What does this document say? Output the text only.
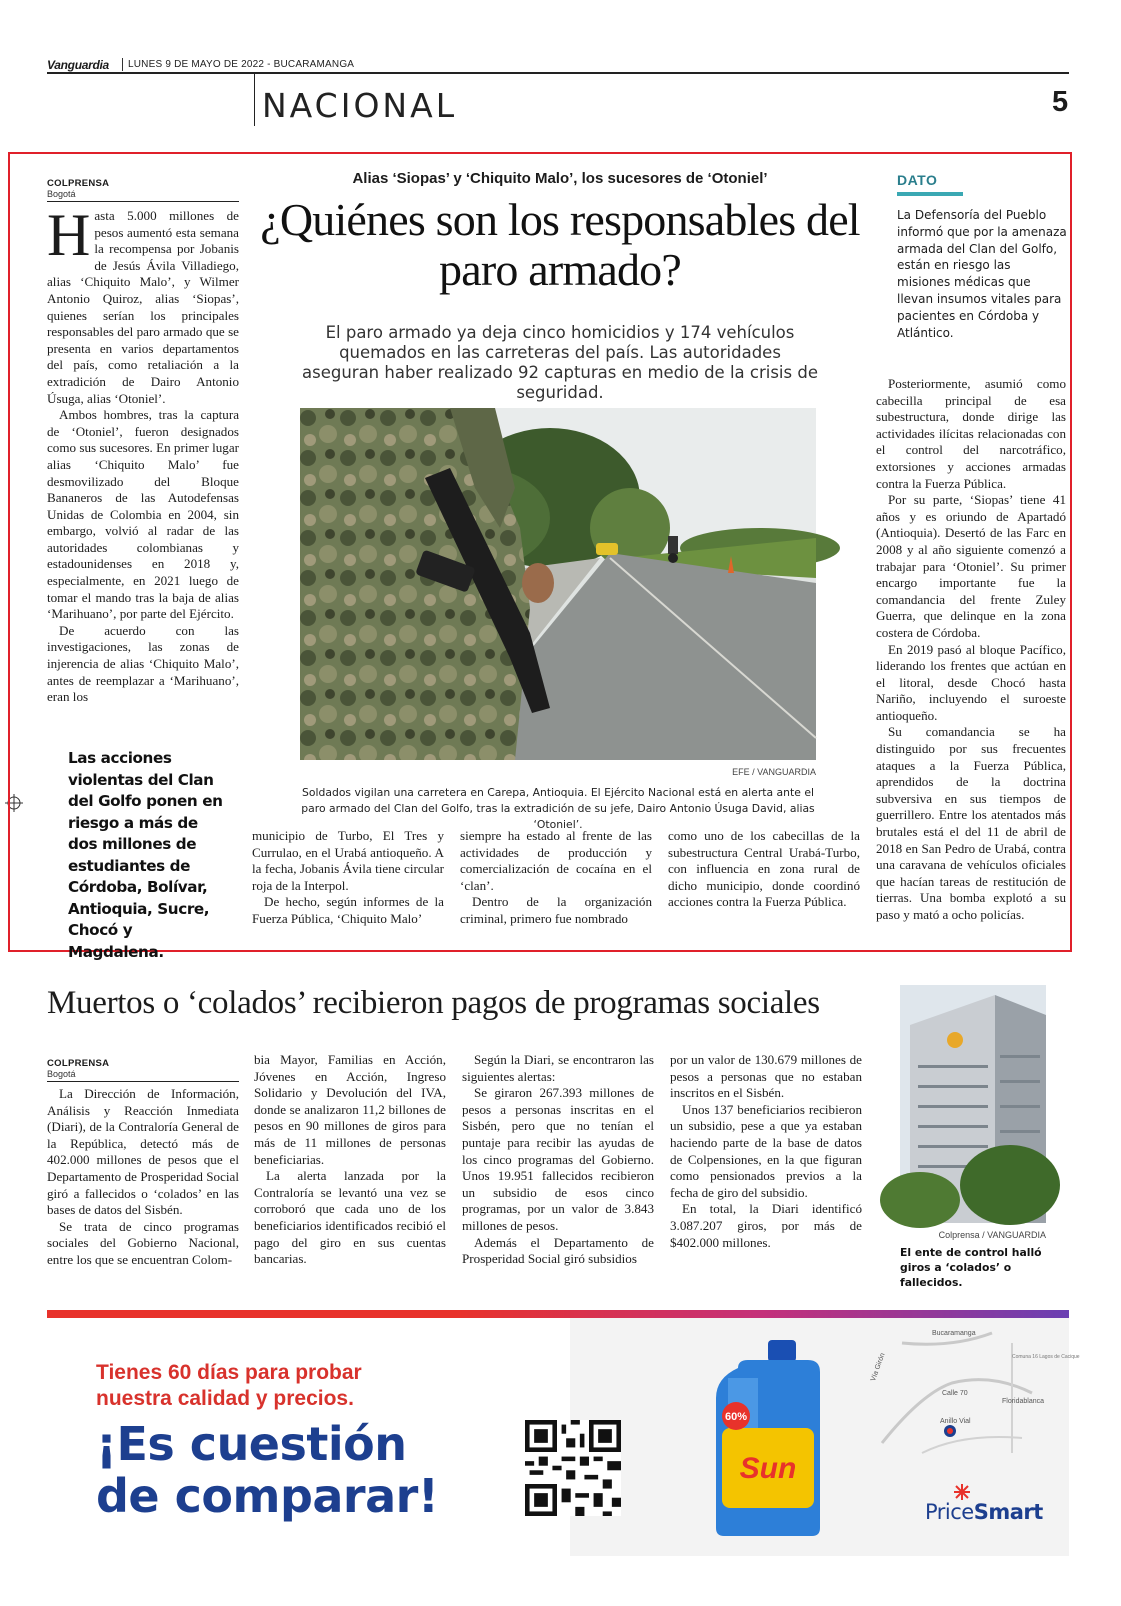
Vanguardia LUNES 9 DE MAYO DE 2022 - BUCARAMANGA
NACIONAL	5
COLPRENSA
Bogotá

Hasta 5.000 millones de pesos aumentó esta semana la recompensa por Jobanis de Jesús Ávila Villadiego, alias ‘Chiquito Malo’, y Wilmer Antonio Quiroz, alias ‘Siopas’, quienes serían los principales responsables del paro armado que se presenta en varios departamentos del país, como retaliación a la extradición de Dairo Antonio Úsuga, alias ‘Otoniel’.

Ambos hombres, tras la captura de ‘Otoniel’, fueron designados como sus sucesores. En primer lugar alias ‘Chiquito Malo’ fue desmovilizado del Bloque Bananeros de las Autodefensas Unidas de Colombia en 2004, sin embargo, volvió al radar de las autoridades colombianas y estadounidenses en 2018 y, especialmente, en 2021 luego de tomar el mando tras la baja de alias ‘Marihuano’, por parte del Ejército.

De acuerdo con las investigaciones, las zonas de injerencia de alias ‘Chiquito Malo’, antes de reemplazar a ‘Marihuano’, eran los

Las acciones violentas del Clan del Golfo ponen en riesgo a más de dos millones de estudiantes de Córdoba, Bolívar, Antioquia, Sucre, Chocó y Magdalena.
Alias ‘Siopas’ y ‘Chiquito Malo’, los sucesores de ‘Otoniel’
¿Quiénes son los responsables del paro armado?
El paro armado ya deja cinco homicidios y 174 vehículos quemados en las carreteras del país. Las autoridades aseguran haber realizado 92 capturas en medio de la crisis de seguridad.
EFE / VANGUARDIA
Soldados vigilan una carretera en Carepa, Antioquia. El Ejército Nacional está en alerta ante el paro armado del Clan del Golfo, tras la extradición de su jefe, Dairo Antonio Úsuga David, alias ‘Otoniel’.
DATO
La Defensoría del Pueblo informó que por la amenaza armada del Clan del Golfo, están en riesgo las misiones médicas que llevan insumos vitales para pacientes en Córdoba y Atlántico.

municipio de Turbo, El Tres y Currulao, en el Urabá antioqueño. A la fecha, Jobanis Ávila tiene circular roja de la Interpol.

De hecho, según informes de la Fuerza Pública, ‘Chiquito Malo’

siempre ha estado al frente de las actividades de producción y comercialización de cocaína en el ‘clan’.

Dentro de la organización criminal, primero fue nombrado

como uno de los cabecillas de la subestructura Central Urabá-Turbo, con influencia en zona rural de dicho municipio, donde coordinó acciones contra la Fuerza Pública.

Posteriormente, asumió como cabecilla principal de esa subestructura, donde dirige las actividades ilícitas relacionadas con el control del narcotráfico, extorsiones y acciones armadas contra la Fuerza Pública.

Por su parte, ‘Siopas’ tiene 41 años y es oriundo de Apartadó (Antioquia). Desertó de las Farc en 2008 y al año siguiente comenzó a trabajar para ‘Otoniel’. Su primer encargo importante fue la comandancia del frente Zuley Guerra, que delinque en la zona costera de Córdoba.

En 2019 pasó al bloque Pacífico, liderando los frentes que actúan en el litoral, desde Chocó hasta Nariño, incluyendo el suroeste antioqueño.

Su comandancia se ha distinguido por sus frecuentes ataques a la Fuerza Pública, aprendidos de la doctrina subversiva en sus tiempos de guerrillero. Entre los atentados más brutales está el del 11 de abril de 2018 en San Pedro de Urabá, contra una caravana de vehículos oficiales que hacían tareas de restitución de tierras. Una bomba explotó a su paso y mató a ocho policías.

Muertos o ‘colados’ recibieron pagos de programas sociales
COLPRENSA
Bogotá

La Dirección de Información, Análisis y Reacción Inmediata (Diari), de la Contraloría General de la República, detectó más de 402.000 millones de pesos que el Departamento de Prosperidad Social giró a fallecidos o ‘colados’ en las bases de datos del Sisbén.

Se trata de cinco programas sociales del Gobierno Nacional, entre los que se encuentran Colom-

bia Mayor, Familias en Acción, Jóvenes en Acción, Ingreso Solidario y Devolución del IVA, donde se analizaron 11,2 billones de pesos en 90 millones de giros para más de 11 millones de personas beneficiarias.

La alerta lanzada por la Contraloría se levantó una vez se corroboró que cada uno de los beneficiarios identificados recibió el pago del giro en sus cuentas bancarias.

Según la Diari, se encontraron las siguientes alertas:

Se giraron 267.393 millones de pesos a personas inscritas en el Sisbén, pero que no tenían el puntaje para recibir las ayudas de los cinco programas del Gobierno. Unos 19.951 fallecidos recibieron un subsidio de esos cinco programas, por un valor de 3.843 millones de pesos.

Además el Departamento de Prosperidad Social giró subsidios

por un valor de 130.679 millones de pesos a personas que no estaban inscritos en el Sisbén.

Unos 137 beneficiarios recibieron un subsidio, pese a que ya estaban haciendo parte de la base de datos de Colpensiones, en la que figuran como pensionados previos a la fecha de giro del subsidio.

En total, la Diari identificó 3.087.207 giros, por más de $402.000 millones.	Colprensa / VANGUARDIA
El ente de control halló giros a ‘colados’ o fallecidos.
Tienes 60 días para probar
nuestra calidad y precios.
¡Es cuestión
de comparar!
60%
Sun
Bucaramanga
Comuna 16 Lagos de Cacique
Vía Girón
Calle 70
Floridablanca
Anillo Vial
PriceSmart
